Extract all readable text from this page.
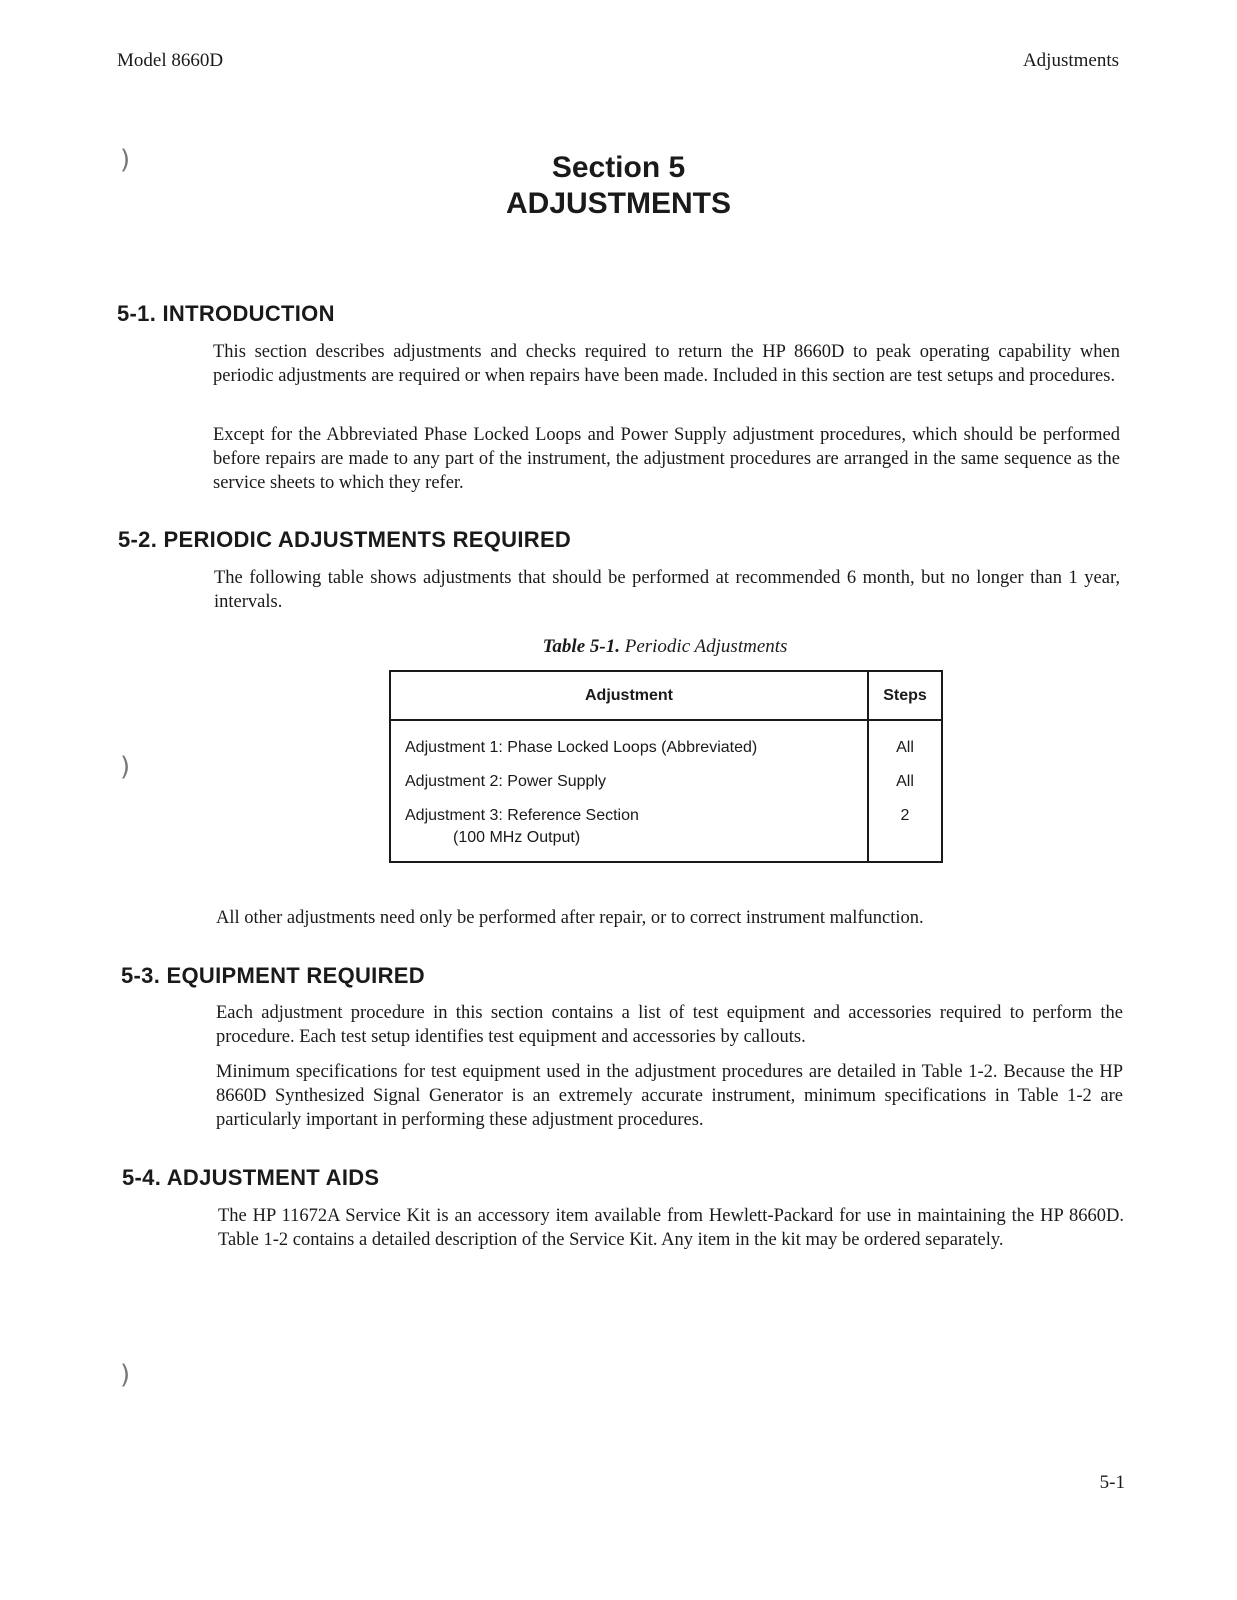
Model 8660D	Adjustments
)
)
)
Section 5
ADJUSTMENTS
5-1. INTRODUCTION

This section describes adjustments and checks required to return the HP 8660D to peak operating capability when periodic adjustments are required or when repairs have been made. Included in this section are test setups and procedures.

Except for the Abbreviated Phase Locked Loops and Power Supply adjustment procedures, which should be performed before repairs are made to any part of the instrument, the adjustment procedures are arranged in the same sequence as the service sheets to which they refer.

5-2. PERIODIC ADJUSTMENTS REQUIRED

The following table shows adjustments that should be performed at recommended 6 month, but no longer than 1 year, intervals.

Table 5-1. Periodic Adjustments
Adjustment	Steps
Adjustment 1: Phase Locked Loops (Abbreviated)	All
Adjustment 2: Power Supply	All
Adjustment 3: Reference Section
(100 MHz Output)	2

All other adjustments need only be performed after repair, or to correct instrument malfunction.

5-3. EQUIPMENT REQUIRED

Each adjustment procedure in this section contains a list of test equipment and accessories required to perform the procedure. Each test setup identifies test equipment and accessories by callouts.

Minimum specifications for test equipment used in the adjustment procedures are detailed in Table 1-2. Because the HP 8660D Synthesized Signal Generator is an extremely accurate instrument, minimum specifications in Table 1-2 are particularly important in performing these adjustment procedures.

5-4. ADJUSTMENT AIDS

The HP 11672A Service Kit is an accessory item available from Hewlett-Packard for use in maintaining the HP 8660D. Table 1-2 contains a detailed description of the Service Kit. Any item in the kit may be ordered separately.

5-1
